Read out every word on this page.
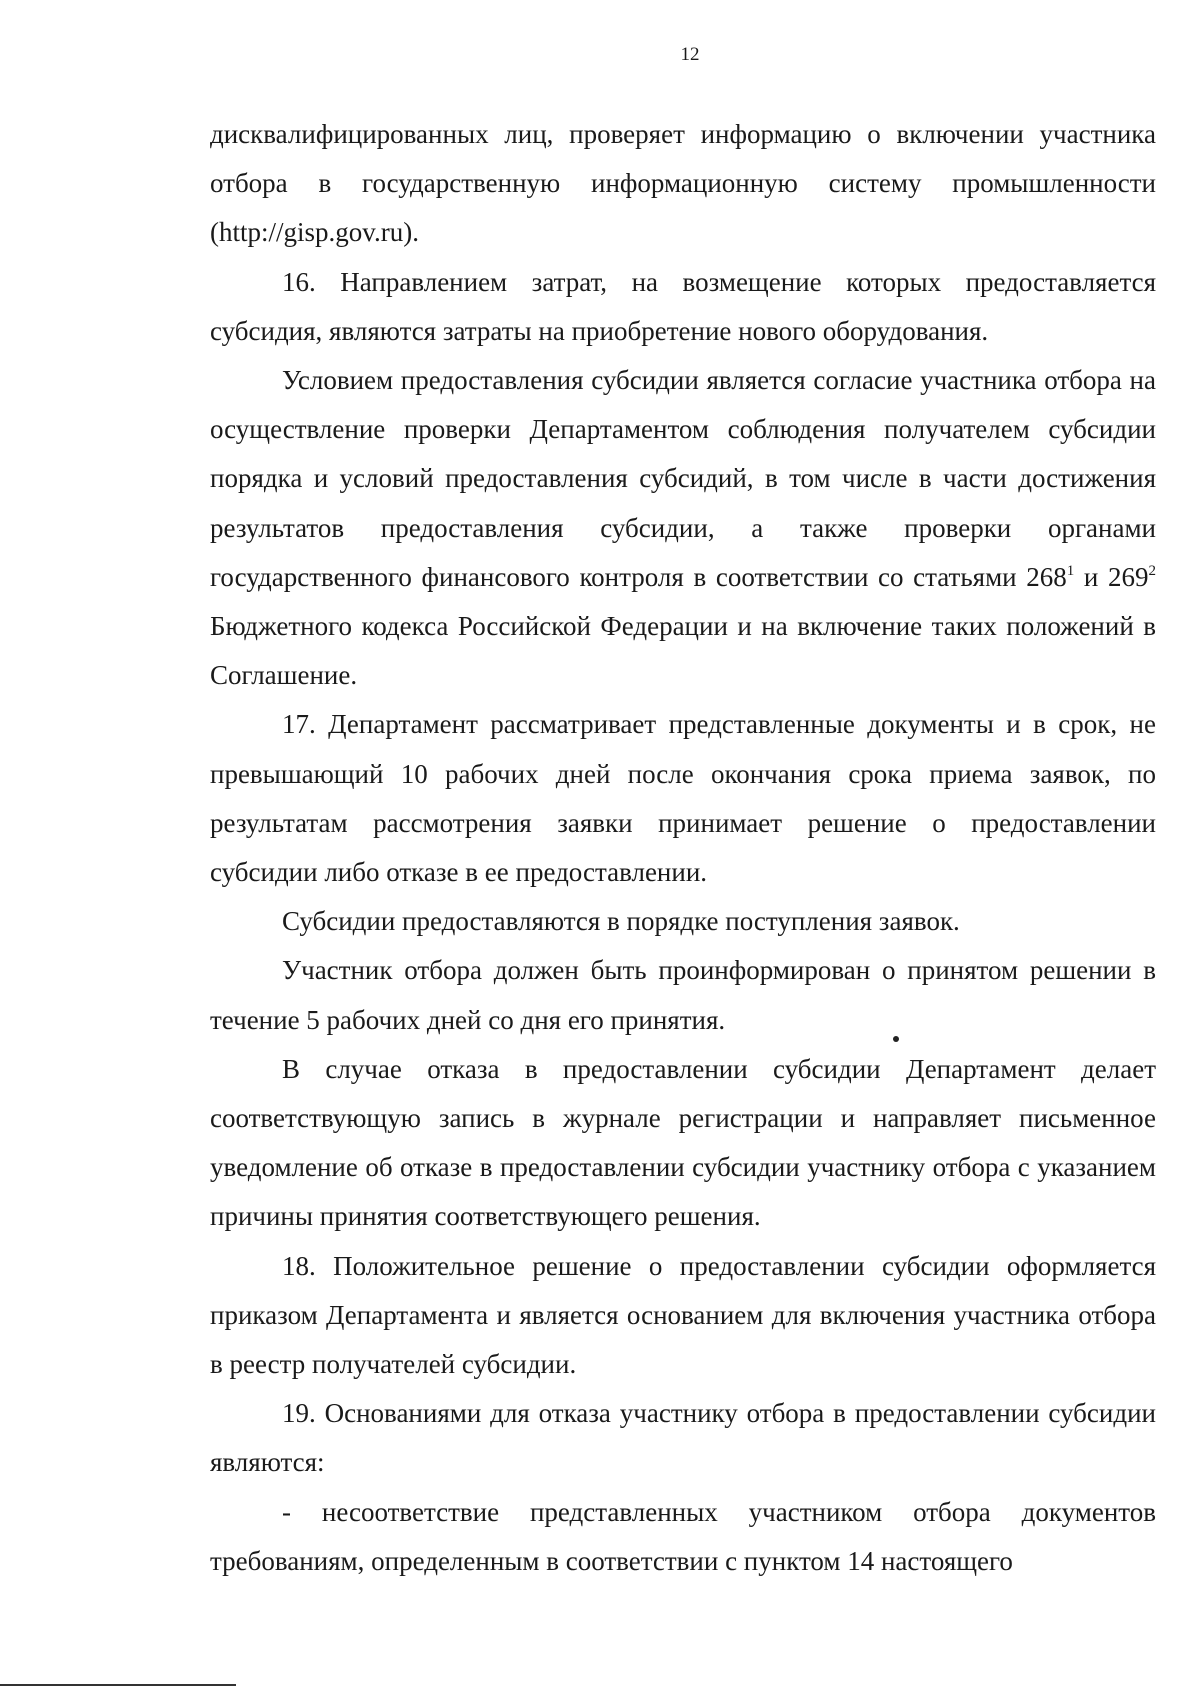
12

дисквалифицированных лиц, проверяет информацию о включении участника отбора в государственную информационную систему промышленности (http://gisp.gov.ru).

16. Направлением затрат, на возмещение которых предоставляется субсидия, являются затраты на приобретение нового оборудования.

Условием предоставления субсидии является согласие участника отбора на осуществление проверки Департаментом соблюдения получателем субсидии порядка и условий предоставления субсидий, в том числе в части достижения результатов предоставления субсидии, а также проверки органами государственного финансового контроля в соответствии со статьями $268^1$ и $269^2$ Бюджетного кодекса Российской Федерации и на включение таких положений в Соглашение.

17. Департамент рассматривает представленные документы и в срок, не превышающий 10 рабочих дней после окончания срока приема заявок, по результатам рассмотрения заявки принимает решение о предоставлении субсидии либо отказе в ее предоставлении.

Субсидии предоставляются в порядке поступления заявок.

Участник отбора должен быть проинформирован о принятом решении в течение 5 рабочих дней со дня его принятия.

В случае отказа в предоставлении субсидии Департамент делает соответствующую запись в журнале регистрации и направляет письменное уведомление об отказе в предоставлении субсидии участнику отбора с указанием причины принятия соответствующего решения.

18. Положительное решение о предоставлении субсидии оформляется приказом Департамента и является основанием для включения участника отбора в реестр получателей субсидии.

19. Основаниями для отказа участнику отбора в предоставлении субсидии являются:

- несоответствие представленных участником отбора документов требованиям, определенным в соответствии с пунктом 14 настоящего
